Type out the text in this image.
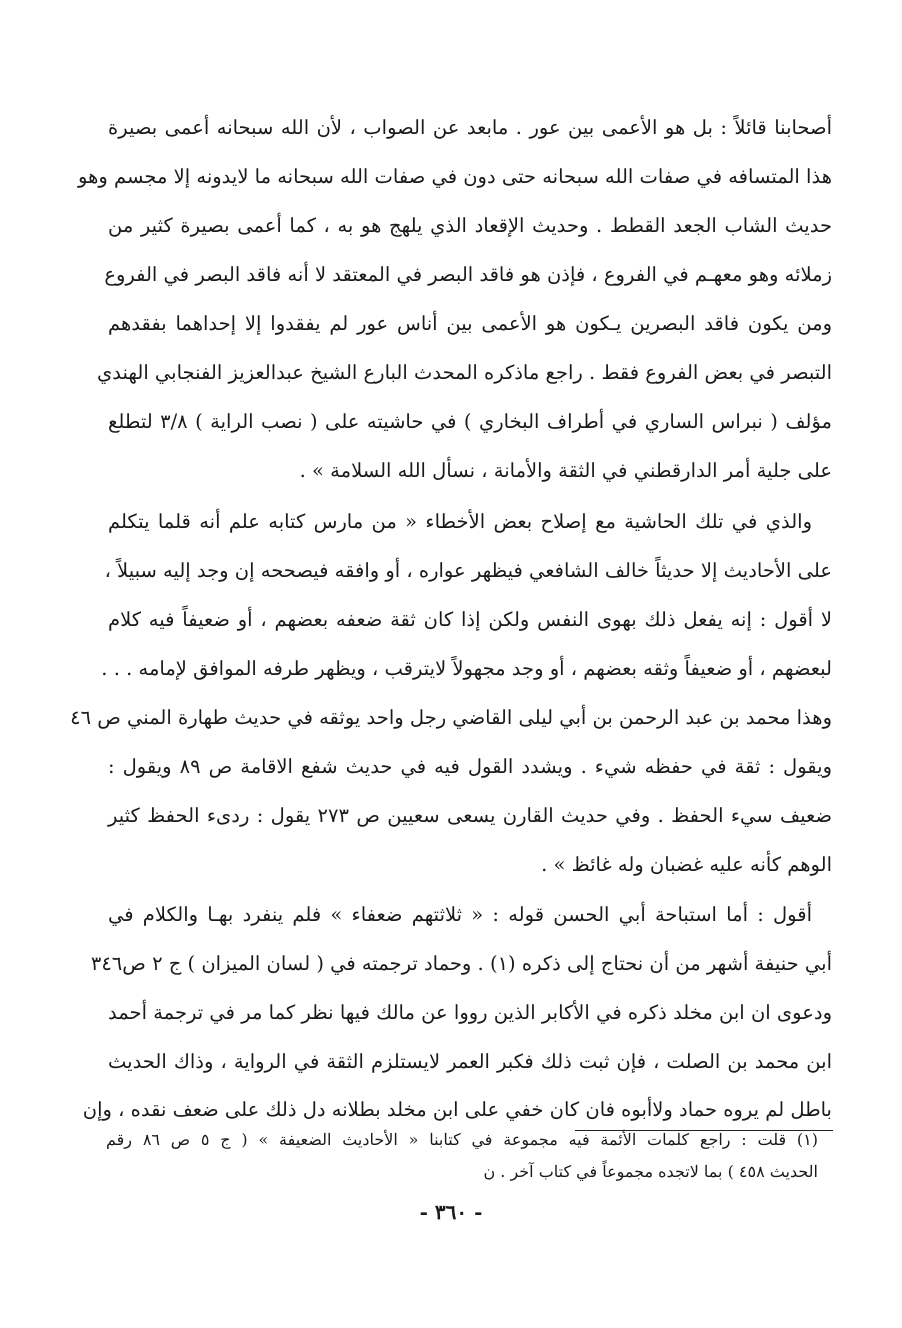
أصحابنا قائلاً : بل هو الأعمى بين عور . مابعد عن الصواب ، لأن الله سبحانه أعمى بصيرة
هذا المتسافه في صفات الله سبحانه حتى دون في صفات الله سبحانه ما لايدونه إلا مجسم وهو
حديث الشاب الجعد القطط . وحديث الإقعاد الذي يلهج هو به ، كما أعمى بصيرة كثير من
زملائه وهو معهـم في الفروع ، فإذن هو فاقد البصر في المعتقد لا أنه فاقد البصر في الفروع
ومن يكون فاقد البصرين يـكون هو الأعمى بين أناس عور لم يفقدوا إلا إحداهما بفقدهم
التبصر في بعض الفروع فقط . راجع ماذكره المحدث البارع الشيخ عبدالعزيز الفنجابي الهندي
مؤلف ( نبراس الساري في أطراف البخاري ) في حاشيته على ( نصب الراية ) ٣/٨ لتطلع
على جلية أمر الدارقطني في الثقة والأمانة ، نسأل الله السلامة » .
والذي في تلك الحاشية مع إصلاح بعض الأخطاء « من مارس كتابه علم أنه قلما يتكلم
على الأحاديث إلا حديثاً خالف الشافعي فيظهر عواره ، أو وافقه فيصححه إن وجد إليه سبيلاً ،
لا أقول : إنه يفعل ذلك بهوى النفس ولكن إذا كان ثقة ضعفه بعضهم ، أو ضعيفاً فيه كلام
لبعضهم ، أو ضعيفاً وثقه بعضهم ، أو وجد مجهولاً لايترقب ، ويظهر طرفه الموافق لإمامه . . .
وهذا محمد بن عبد الرحمن بن أبي ليلى القاضي رجل واحد يوثقه في حديث طهارة المني ص ٤٦
ويقول : ثقة في حفظه شيء . ويشدد القول فيه في حديث شفع الاقامة ص ٨٩ ويقول :
ضعيف سيء الحفظ . وفي حديث القارن يسعى سعيين ص ٢٧٣ يقول : ردىء الحفظ كثير
الوهم كأنه عليه غضبان وله غائظ » .
أقول : أما استباحة أبي الحسن قوله : « ثلاثتهم ضعفاء » فلم ينفرد بهـا والكلام في
أبي حنيفة أشهر من أن نحتاج إلى ذكره (١) . وحماد ترجمته في ( لسان الميزان ) ج ٢ ص٣٤٦
ودعوى ان ابن مخلد ذكره في الأكابر الذين رووا عن مالك فيها نظر كما مر في ترجمة أحمد
ابن محمد بن الصلت ، فإن ثبت ذلك فكبر العمر لايستلزم الثقة في الرواية ، وذاك الحديث
باطل لم يروه حماد ولاأبوه فان كان خفي على ابن مخلد بطلانه دل ذلك على ضعف نقده ، وإن
(١) قلت : راجع كلمات الأئمة فيه مجموعة في كتابنا « الأحاديث الضعيفة » ( ج ٥ ص ٨٦ رقم
الحديث ٤٥٨ ) بما لاتجده مجموعاً في كتاب آخر . ن
- ٣٦٠ -
